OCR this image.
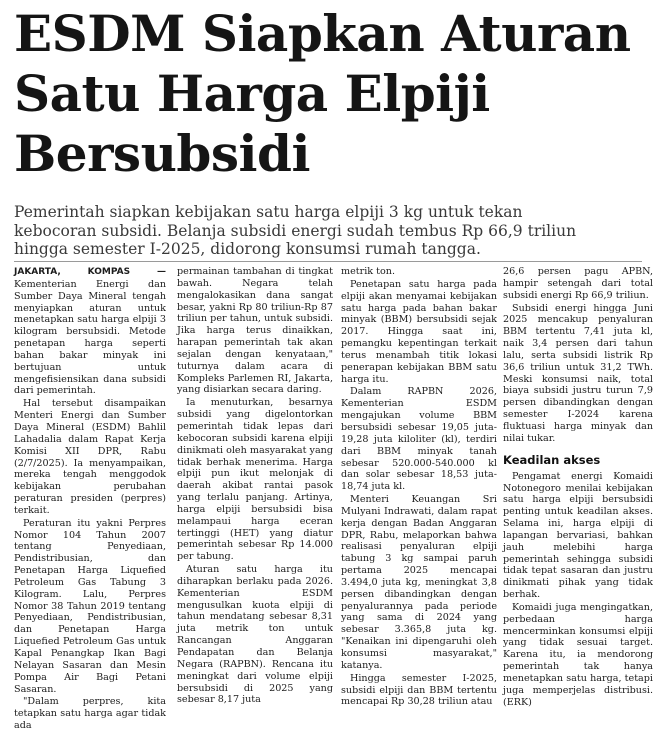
ESDM Siapkan Aturan
Satu Harga Elpiji
Bersubsidi
Pemerintah siapkan kebijakan satu harga elpiji 3 kg untuk tekan
kebocoran subsidi. Belanja subsidi energi sudah tembus Rp 66,9 triliun
hingga semester I-2025, didorong konsumsi rumah tangga.

JAKARTA, KOMPAS — Kementerian Energi dan Sumber Daya Mineral tengah menyiapkan aturan untuk menetapkan satu harga elpiji 3 kilogram bersubsidi. Metode penetapan harga seperti bahan bakar minyak ini bertujuan untuk mengefisiensikan dana subsidi dari pemerintah.

Hal tersebut disampaikan Menteri Energi dan Sumber Daya Mineral (ESDM) Bahlil Lahadalia dalam Rapat Kerja Komisi XII DPR, Rabu (2/7/2025). Ia menyampaikan, mereka tengah menggodok kebijakan perubahan peraturan presiden (perpres) terkait.

Peraturan itu yakni Perpres Nomor 104 Tahun 2007 tentang Penyediaan, Pendistribusian, dan Penetapan Harga Liquefied Petroleum Gas Tabung 3 Kilogram. Lalu, Perpres Nomor 38 Tahun 2019 tentang Penyediaan, Pendistribusian, dan Penetapan Harga Liquefied Petroleum Gas untuk Kapal Penangkap Ikan Bagi Nelayan Sasaran dan Mesin Pompa Air Bagi Petani Sasaran.

"Dalam perpres, kita tetapkan satu harga agar tidak ada

permainan tambahan di tingkat bawah. Negara telah mengalokasikan dana sangat besar, yakni Rp 80 triliun-Rp 87 triliun per tahun, untuk subsidi. Jika harga terus dinaikkan, harapan pemerintah tak akan sejalan dengan kenyataan," tuturnya dalam acara di Kompleks Parlemen RI, Jakarta, yang disiarkan secara daring.

Ia menuturkan, besarnya subsidi yang digelontorkan pemerintah tidak lepas dari kebocoran subsidi karena elpiji dinikmati oleh masyarakat yang tidak berhak menerima. Harga elpiji pun ikut melonjak di daerah akibat rantai pasok yang terlalu panjang. Artinya, harga elpiji bersubsidi bisa melampaui harga eceran tertinggi (HET) yang diatur pemerintah sebesar Rp 14.000 per tabung.

Aturan satu harga itu diharapkan berlaku pada 2026. Kementerian ESDM mengusulkan kuota elpiji di tahun mendatang sebesar 8,31 juta metrik ton untuk Rancangan Anggaran Pendapatan dan Belanja Negara (RAPBN). Rencana itu meningkat dari volume elpiji bersubsidi di 2025 yang sebesar 8,17 juta

metrik ton.

Penetapan satu harga pada elpiji akan menyamai kebijakan satu harga pada bahan bakar minyak (BBM) bersubsidi sejak 2017. Hingga saat ini, pemangku kepentingan terkait terus menambah titik lokasi penerapan kebijakan BBM satu harga itu.

Dalam RAPBN 2026, Kementerian ESDM mengajukan volume BBM bersubsidi sebesar 19,05 juta-19,28 juta kiloliter (kl), terdiri dari BBM minyak tanah sebesar 520.000-540.000 kl dan solar sebesar 18,53 juta-18,74 juta kl.

Menteri Keuangan Sri Mulyani Indrawati, dalam rapat kerja dengan Badan Anggaran DPR, Rabu, melaporkan bahwa realisasi penyaluran elpiji tabung 3 kg sampai paruh pertama 2025 mencapai 3.494,0 juta kg, meningkat 3,8 persen dibandingkan dengan penyalurannya pada periode yang sama di 2024 yang sebesar 3.365,8 juta kg. "Kenaikan ini dipengaruhi oleh konsumsi masyarakat," katanya.

Hingga semester I-2025, subsidi elpiji dan BBM tertentu mencapai Rp 30,28 triliun atau

26,6 persen pagu APBN, hampir setengah dari total subsidi energi Rp 66,9 triliun.

Subsidi energi hingga Juni 2025 mencakup penyaluran BBM tertentu 7,41 juta kl, naik 3,4 persen dari tahun lalu, serta subsidi listrik Rp 36,6 triliun untuk 31,2 TWh. Meski konsumsi naik, total biaya subsidi justru turun 7,9 persen dibandingkan dengan semester I-2024 karena fluktuasi harga minyak dan nilai tukar.

Keadilan akses

Pengamat energi Komaidi Notonegoro menilai kebijakan satu harga elpiji bersubsidi penting untuk keadilan akses. Selama ini, harga elpiji di lapangan bervariasi, bahkan jauh melebihi harga pemerintah sehingga subsidi tidak tepat sasaran dan justru dinikmati pihak yang tidak berhak.

Komaidi juga mengingatkan, perbedaan harga mencerminkan konsumsi elpiji yang tidak sesuai target. Karena itu, ia mendorong pemerintah tak hanya menetapkan satu harga, tetapi juga memperjelas distribusi. (ERK)
